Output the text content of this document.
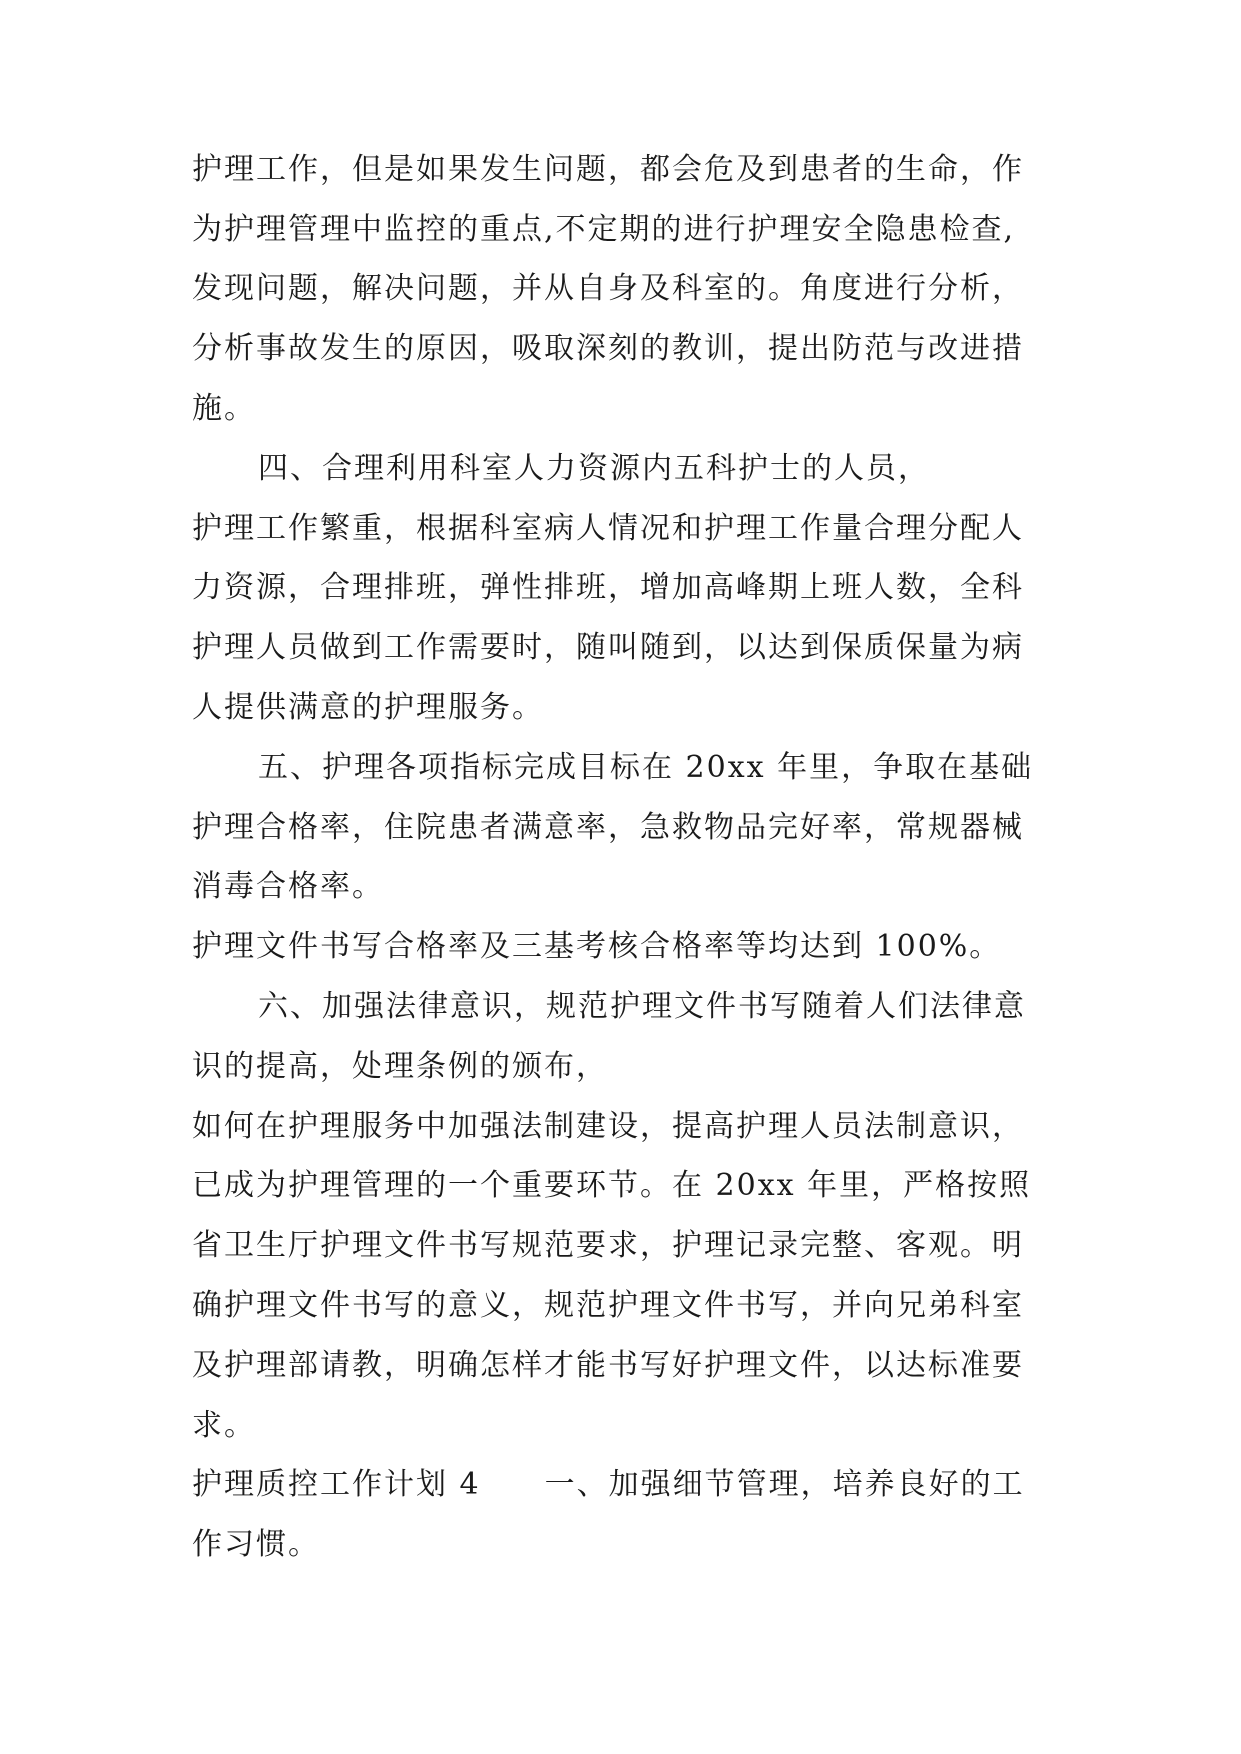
护理工作，但是如果发生问题，都会危及到患者的生命，作
为护理管理中监控的重点,不定期的进行护理安全隐患检查,
发现问题，解决问题，并从自身及科室的。角度进行分析，
分析事故发生的原因，吸取深刻的教训，提出防范与改进措
施。
四、合理利用科室人力资源内五科护士的人员，
护理工作繁重，根据科室病人情况和护理工作量合理分配人
力资源，合理排班，弹性排班，增加高峰期上班人数，全科
护理人员做到工作需要时，随叫随到，以达到保质保量为病
人提供满意的护理服务。
五、护理各项指标完成目标在 20xx 年里，争取在基础
护理合格率，住院患者满意率，急救物品完好率，常规器械
消毒合格率。
护理文件书写合格率及三基考核合格率等均达到 100%。
六、加强法律意识，规范护理文件书写随着人们法律意
识的提高，处理条例的颁布，
如何在护理服务中加强法制建设，提高护理人员法制意识，
已成为护理管理的一个重要环节。在 20xx 年里，严格按照
省卫生厅护理文件书写规范要求，护理记录完整、客观。明
确护理文件书写的意义，规范护理文件书写，并向兄弟科室
及护理部请教，明确怎样才能书写好护理文件，以达标准要
求。
护理质控工作计划 4　　一、加强细节管理，培养良好的工
作习惯。
